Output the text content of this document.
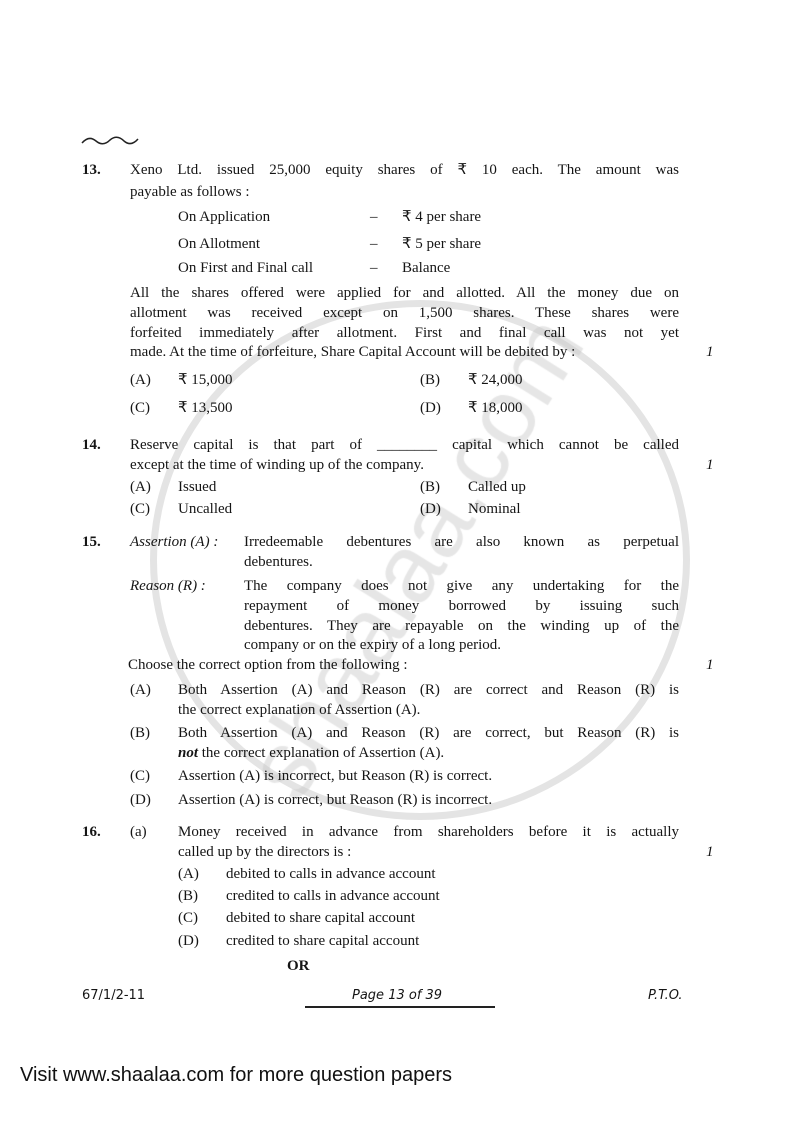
13. Xeno Ltd. issued 25,000 equity shares of ₹ 10 each. The amount was
payable as follows :
On Application	– ₹ 4 per share
On Allotment	– ₹ 5 per share
On First and Final call	– Balance
All the shares offered were applied for and allotted. All the money due on
allotment was received except on 1,500 shares. These shares were
forfeited immediately after allotment. First and final call was not yet
made. At the time of forfeiture, Share Capital Account will be debited by :	1
(A) ₹ 15,000	(B) ₹ 24,000
(C) ₹ 13,500	(D) ₹ 18,000
14. Reserve capital is that part of ________ capital which cannot be called
except at the time of winding up of the company.	1
(A) Issued	(B) Called up
(C) Uncalled	(D) Nominal
15. Assertion (A) : Irredeemable debentures are also known as perpetual
debentures.
Reason (R) :	The company does not give any undertaking for the
repayment of money borrowed by issuing such
debentures. They are repayable on the winding up of the
company or on the expiry of a long period.
Choose the correct option from the following :	1
(A) Both Assertion (A) and Reason (R) are correct and Reason (R) is
the correct explanation of Assertion (A).
(B) Both Assertion (A) and Reason (R) are correct, but Reason (R) is
not the correct explanation of Assertion (A).
(C) Assertion (A) is incorrect, but Reason (R) is correct.
(D) Assertion (A) is correct, but Reason (R) is incorrect.
16. (a) Money received in advance from shareholders before it is actually
called up by the directors is :	1
(A) debited to calls in advance account
(B) credited to calls in advance account
(C) debited to share capital account
(D) credited to share capital account
OR
67/1/2-11	Page 13 of 39	P.T.O.
Visit www.shaalaa.com for more question papers
